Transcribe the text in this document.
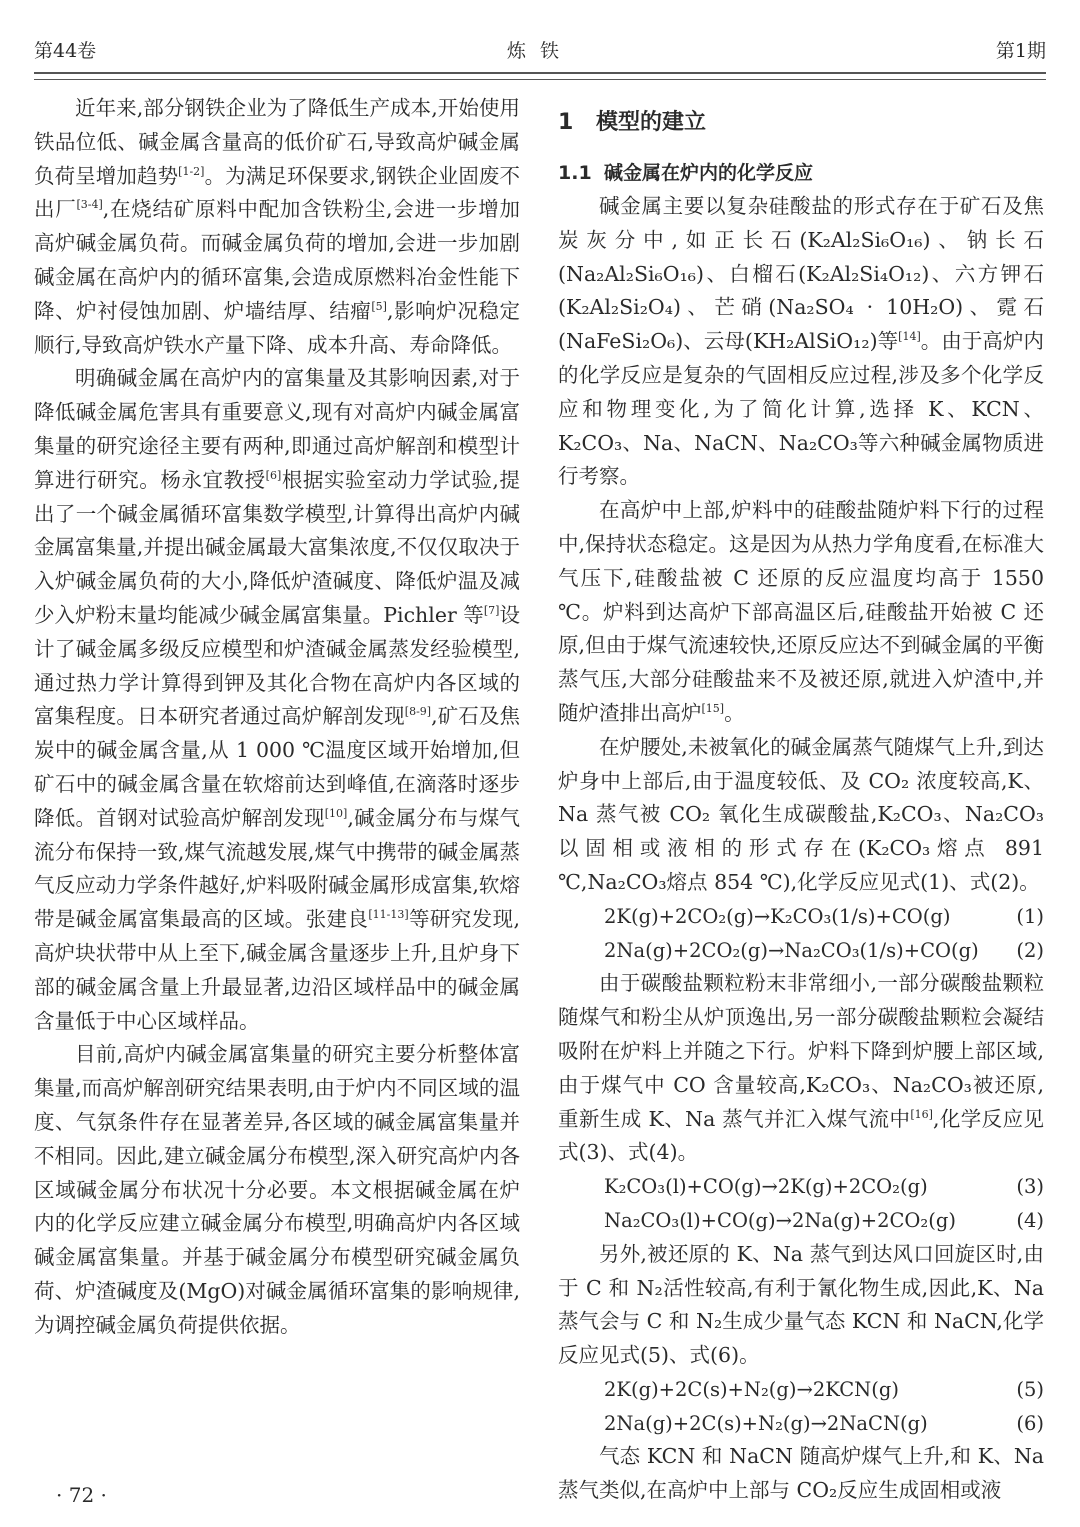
第44卷	炼铁	第1期

近年来,部分钢铁企业为了降低生产成本,开始使用铁品位低、碱金属含量高的低价矿石,导致高炉碱金属负荷呈增加趋势[1-2]。为满足环保要求,钢铁企业固废不出厂[3-4],在烧结矿原料中配加含铁粉尘,会进一步增加高炉碱金属负荷。而碱金属负荷的增加,会进一步加剧碱金属在高炉内的循环富集,会造成原燃料冶金性能下降、炉衬侵蚀加剧、炉墙结厚、结瘤[5],影响炉况稳定顺行,导致高炉铁水产量下降、成本升高、寿命降低。

明确碱金属在高炉内的富集量及其影响因素,对于降低碱金属危害具有重要意义,现有对高炉内碱金属富集量的研究途径主要有两种,即通过高炉解剖和模型计算进行研究。杨永宜教授[6]根据实验室动力学试验,提出了一个碱金属循环富集数学模型,计算得出高炉内碱金属富集量,并提出碱金属最大富集浓度,不仅仅取决于入炉碱金属负荷的大小,降低炉渣碱度、降低炉温及减少入炉粉末量均能减少碱金属富集量。Pichler 等[7]设计了碱金属多级反应模型和炉渣碱金属蒸发经验模型,通过热力学计算得到钾及其化合物在高炉内各区域的富集程度。日本研究者通过高炉解剖发现[8-9],矿石及焦炭中的碱金属含量,从 1 000 ℃温度区域开始增加,但矿石中的碱金属含量在软熔前达到峰值,在滴落时逐步降低。首钢对试验高炉解剖发现[10],碱金属分布与煤气流分布保持一致,煤气流越发展,煤气中携带的碱金属蒸气反应动力学条件越好,炉料吸附碱金属形成富集,软熔带是碱金属富集最高的区域。张建良[11-13]等研究发现,高炉块状带中从上至下,碱金属含量逐步上升,且炉身下部的碱金属含量上升最显著,边沿区域样品中的碱金属含量低于中心区域样品。

目前,高炉内碱金属富集量的研究主要分析整体富集量,而高炉解剖研究结果表明,由于炉内不同区域的温度、气氛条件存在显著差异,各区域的碱金属富集量并不相同。因此,建立碱金属分布模型,深入研究高炉内各区域碱金属分布状况十分必要。本文根据碱金属在炉内的化学反应建立碱金属分布模型,明确高炉内各区域碱金属富集量。并基于碱金属分布模型研究碱金属负荷、炉渣碱度及(MgO)对碱金属循环富集的影响规律,为调控碱金属负荷提供依据。

1 模型的建立
1.1 碱金属在炉内的化学反应

碱金属主要以复杂硅酸盐的形式存在于矿石及焦炭灰分中,如正长石(K₂Al₂Si₆O₁₆)、钠长石(Na₂Al₂Si₆O₁₆)、白榴石(K₂Al₂Si₄O₁₂)、六方钾石(K₂Al₂Si₂O₄)、芒硝(Na₂SO₄ · 10H₂O)、霓石(NaFeSi₂O₆)、云母(KH₂AlSiO₁₂)等[14]。由于高炉内的化学反应是复杂的气固相反应过程,涉及多个化学反应和物理变化,为了简化计算,选择 K、KCN、K₂CO₃、Na、NaCN、Na₂CO₃等六种碱金属物质进行考察。

在高炉中上部,炉料中的硅酸盐随炉料下行的过程中,保持状态稳定。这是因为从热力学角度看,在标准大气压下,硅酸盐被 C 还原的反应温度均高于 1550 ℃。炉料到达高炉下部高温区后,硅酸盐开始被 C 还原,但由于煤气流速较快,还原反应达不到碱金属的平衡蒸气压,大部分硅酸盐来不及被还原,就进入炉渣中,并随炉渣排出高炉[15]。

在炉腰处,未被氧化的碱金属蒸气随煤气上升,到达炉身中上部后,由于温度较低、及 CO₂ 浓度较高,K、Na 蒸气被 CO₂ 氧化生成碳酸盐,K₂CO₃、Na₂CO₃以固相或液相的形式存在(K₂CO₃熔点 891 ℃,Na₂CO₃熔点 854 ℃),化学反应见式(1)、式(2)。

2K(g)+2CO₂(g)→K₂CO₃(1/s)+CO(g)	(1)
2Na(g)+2CO₂(g)→Na₂CO₃(1/s)+CO(g) (2)

由于碳酸盐颗粒粉末非常细小,一部分碳酸盐颗粒随煤气和粉尘从炉顶逸出,另一部分碳酸盐颗粒会凝结吸附在炉料上并随之下行。炉料下降到炉腰上部区域,由于煤气中 CO 含量较高,K₂CO₃、Na₂CO₃被还原,重新生成 K、Na 蒸气并汇入煤气流中[16],化学反应见式(3)、式(4)。

K₂CO₃(l)+CO(g)→2K(g)+2CO₂(g)	(3)
Na₂CO₃(l)+CO(g)→2Na(g)+2CO₂(g)	(4)

另外,被还原的 K、Na 蒸气到达风口回旋区时,由于 C 和 N₂活性较高,有利于氰化物生成,因此,K、Na 蒸气会与 C 和 N₂生成少量气态 KCN 和 NaCN,化学反应见式(5)、式(6)。

2K(g)+2C(s)+N₂(g)→2KCN(g)	(5)
2Na(g)+2C(s)+N₂(g)→2NaCN(g)	(6)

气态 KCN 和 NaCN 随高炉煤气上升,和 K、Na 蒸气类似,在高炉中上部与 CO₂反应生成固相或液

· 72 ·
